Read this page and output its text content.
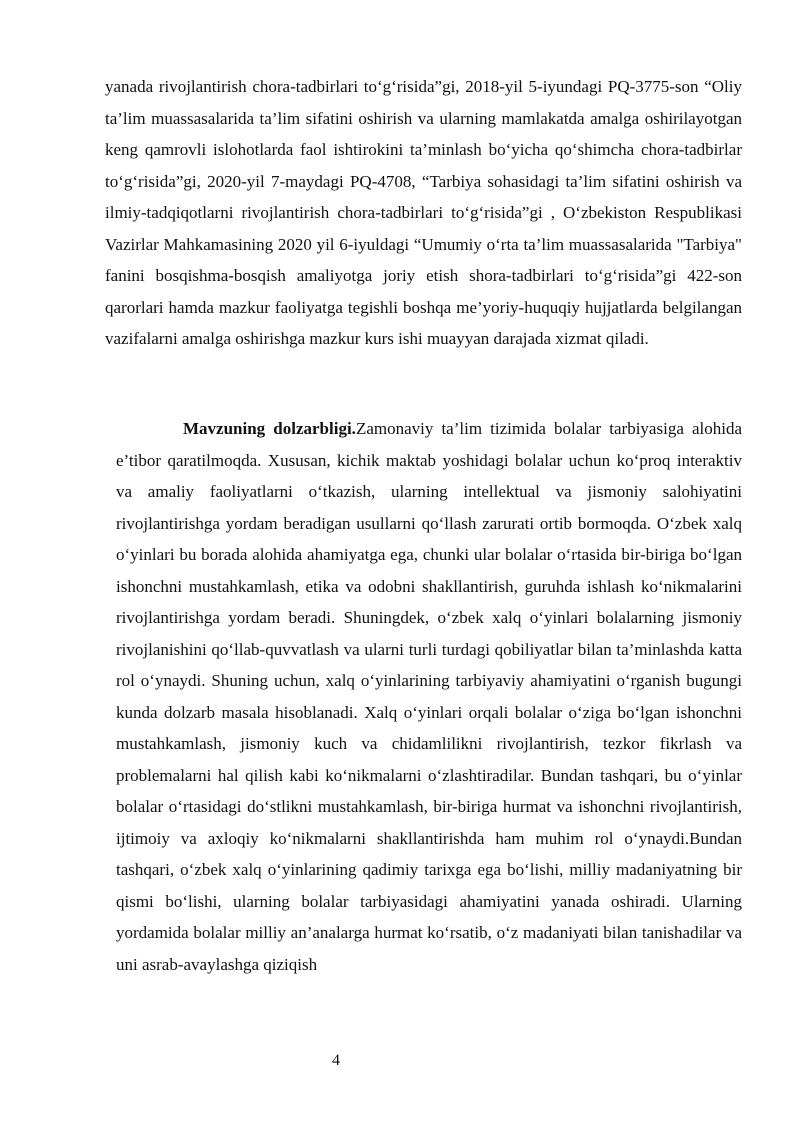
yanada rivojlantirish chora-tadbirlari to‘g‘risida”gi, 2018-yil 5-iyundagi PQ-3775-son “Oliy ta’lim muassasalarida ta’lim sifatini oshirish va ularning mamlakatda amalga oshirilayotgan keng qamrovli islohotlarda faol ishtirokini ta’minlash bo‘yicha qo‘shimcha chora-tadbirlar to‘g‘risida”gi, 2020-yil 7-maydagi PQ-4708, “Tarbiya sohasidagi ta’lim sifatini oshirish va ilmiy-tadqiqotlarni rivojlantirish chora-tadbirlari to‘g‘risida”gi , O‘zbekiston Respublikasi Vazirlar Mahkamasining 2020 yil 6-iyuldagi “Umumiy o‘rta ta’lim muassasalarida "Tarbiya" fanini bosqishma-bosqish amaliyotga joriy etish shora-tadbirlari to‘g‘risida”gi 422-son qarorlari hamda mazkur faoliyatga tegishli boshqa me’yoriy-huquqiy hujjatlarda belgilangan vazifalarni amalga oshirishga mazkur kurs ishi muayyan darajada xizmat qiladi.

Mavzuning dolzarbligi.Zamonaviy ta’lim tizimida bolalar tarbiyasiga alohida e’tibor qaratilmoqda. Xususan, kichik maktab yoshidagi bolalar uchun ko‘proq interaktiv va amaliy faoliyatlarni o‘tkazish, ularning intellektual va jismoniy salohiyatini rivojlantirishga yordam beradigan usullarni qo‘llash zarurati ortib bormoqda. O‘zbek xalq o‘yinlari bu borada alohida ahamiyatga ega, chunki ular bolalar o‘rtasida bir-biriga bo‘lgan ishonchni mustahkamlash, etika va odobni shakllantirish, guruhda ishlash ko‘nikmalarini rivojlantirishga yordam beradi. Shuningdek, o‘zbek xalq o‘yinlari bolalarning jismoniy rivojlanishini qo‘llab-quvvatlash va ularni turli turdagi qobiliyatlar bilan ta’minlashda katta rol o‘ynaydi. Shuning uchun, xalq o‘yinlarining tarbiyaviy ahamiyatini o‘rganish bugungi kunda dolzarb masala hisoblanadi. Xalq o‘yinlari orqali bolalar o‘ziga bo‘lgan ishonchni mustahkamlash, jismoniy kuch va chidamlilikni rivojlantirish, tezkor fikrlash va problemalarni hal qilish kabi ko‘nikmalarni o‘zlashtiradilar. Bundan tashqari, bu o‘yinlar bolalar o‘rtasidagi do‘stlikni mustahkamlash, bir-biriga hurmat va ishonchni rivojlantirish, ijtimoiy va axloqiy ko‘nikmalarni shakllantirishda ham muhim rol o‘ynaydi.Bundan tashqari, o‘zbek xalq o‘yinlarining qadimiy tarixga ega bo‘lishi, milliy madaniyatning bir qismi bo‘lishi, ularning bolalar tarbiyasidagi ahamiyatini yanada oshiradi. Ularning yordamida bolalar milliy an’analarga hurmat ko‘rsatib, o‘z madaniyati bilan tanishadilar va uni asrab-avaylashga qiziqish

4
